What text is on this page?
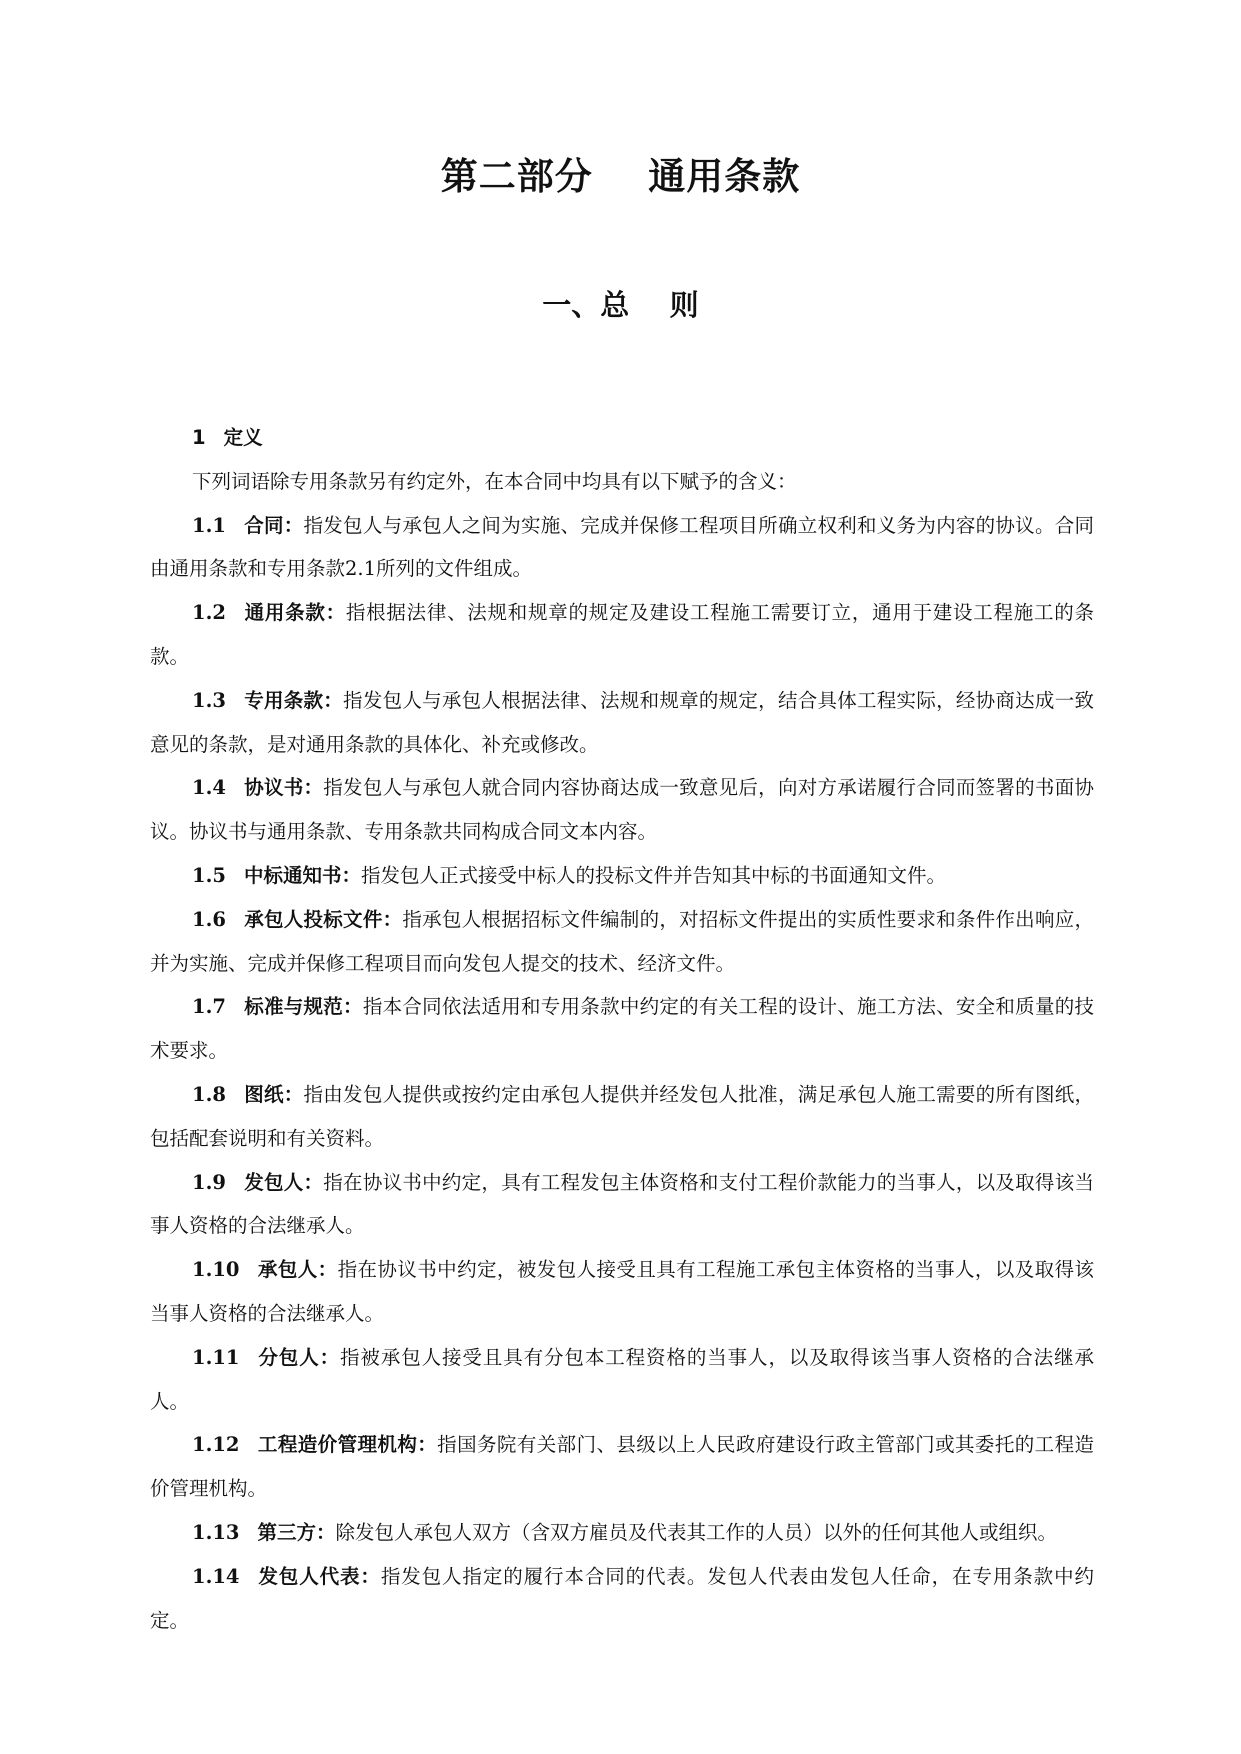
第二部分    通用条款
一、总    则

1 定义

下列词语除专用条款另有约定外，在本合同中均具有以下赋予的含义：

1.1 合同：指发包人与承包人之间为实施、完成并保修工程项目所确立权利和义务为内容的协议。合同由通用条款和专用条款2.1所列的文件组成。

1.2 通用条款：指根据法律、法规和规章的规定及建设工程施工需要订立，通用于建设工程施工的条款。

1.3 专用条款：指发包人与承包人根据法律、法规和规章的规定，结合具体工程实际，经协商达成一致意见的条款，是对通用条款的具体化、补充或修改。

1.4 协议书：指发包人与承包人就合同内容协商达成一致意见后，向对方承诺履行合同而签署的书面协议。协议书与通用条款、专用条款共同构成合同文本内容。

1.5 中标通知书：指发包人正式接受中标人的投标文件并告知其中标的书面通知文件。

1.6 承包人投标文件：指承包人根据招标文件编制的，对招标文件提出的实质性要求和条件作出响应，并为实施、完成并保修工程项目而向发包人提交的技术、经济文件。

1.7 标准与规范：指本合同依法适用和专用条款中约定的有关工程的设计、施工方法、安全和质量的技术要求。

1.8 图纸：指由发包人提供或按约定由承包人提供并经发包人批准，满足承包人施工需要的所有图纸，包括配套说明和有关资料。

1.9 发包人：指在协议书中约定，具有工程发包主体资格和支付工程价款能力的当事人，以及取得该当事人资格的合法继承人。

1.10 承包人：指在协议书中约定，被发包人接受且具有工程施工承包主体资格的当事人，以及取得该当事人资格的合法继承人。

1.11 分包人：指被承包人接受且具有分包本工程资格的当事人，以及取得该当事人资格的合法继承人。

1.12 工程造价管理机构：指国务院有关部门、县级以上人民政府建设行政主管部门或其委托的工程造价管理机构。

1.13 第三方：除发包人承包人双方（含双方雇员及代表其工作的人员）以外的任何其他人或组织。

1.14 发包人代表：指发包人指定的履行本合同的代表。发包人代表由发包人任命，在专用条款中约定。
